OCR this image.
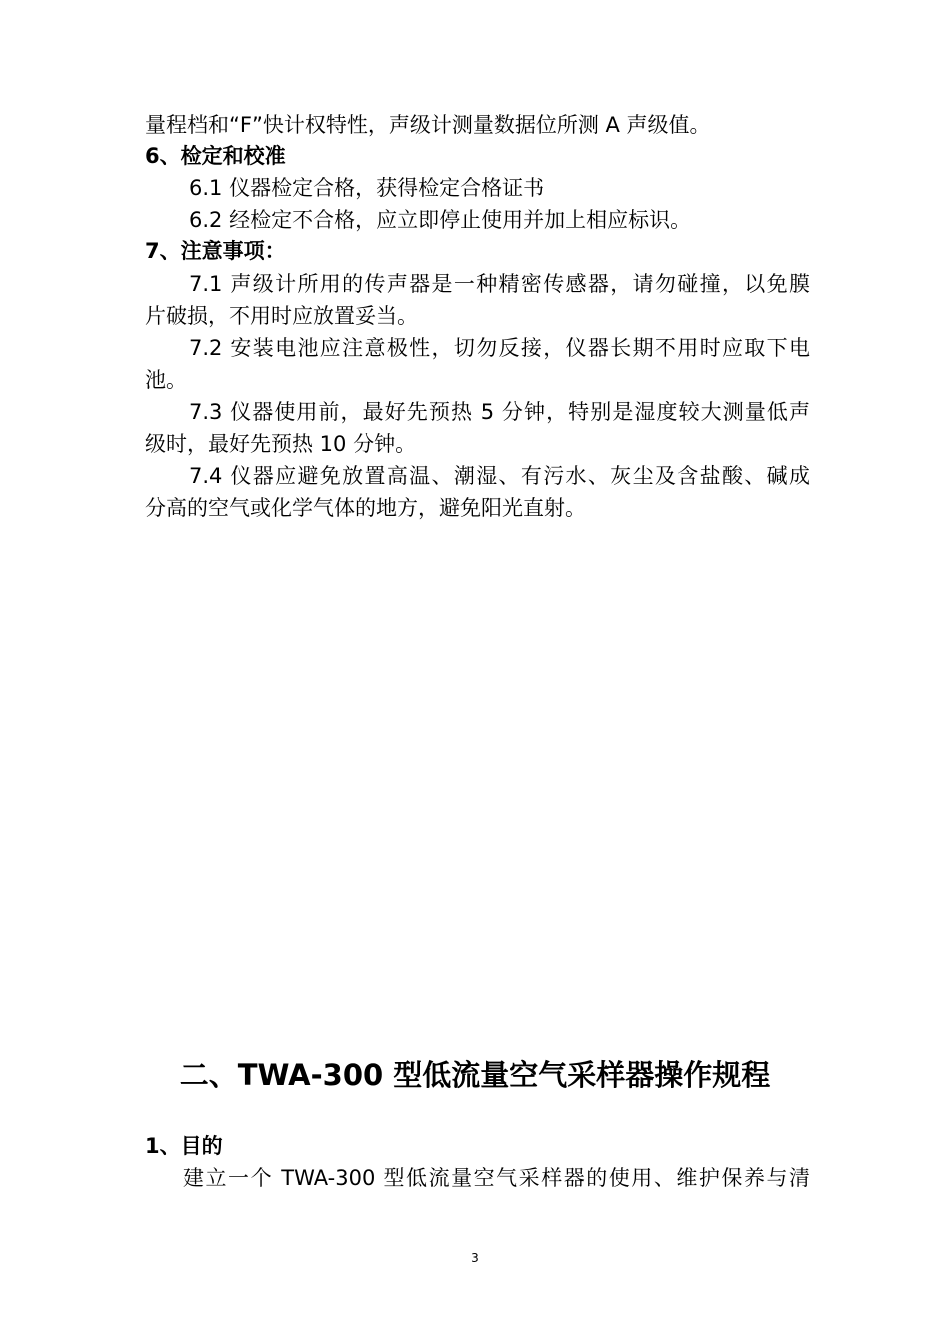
量程档和“F”快计权特性，声级计测量数据位所测 A 声级值。
6、检定和校准
6.1 仪器检定合格，获得检定合格证书
6.2 经检定不合格，应立即停止使用并加上相应标识。
7、注意事项：
7.1 声级计所用的传声器是一种精密传感器，请勿碰撞，以免膜
片破损，不用时应放置妥当。
7.2 安装电池应注意极性，切勿反接，仪器长期不用时应取下电
池。
7.3 仪器使用前，最好先预热 5 分钟，特别是湿度较大测量低声
级时，最好先预热 10 分钟。
7.4 仪器应避免放置高温、潮湿、有污水、灰尘及含盐酸、碱成
分高的空气或化学气体的地方，避免阳光直射。
二、TWA-300 型低流量空气采样器操作规程
1、目的
建立一个 TWA-300 型低流量空气采样器的使用、维护保养与清
3
